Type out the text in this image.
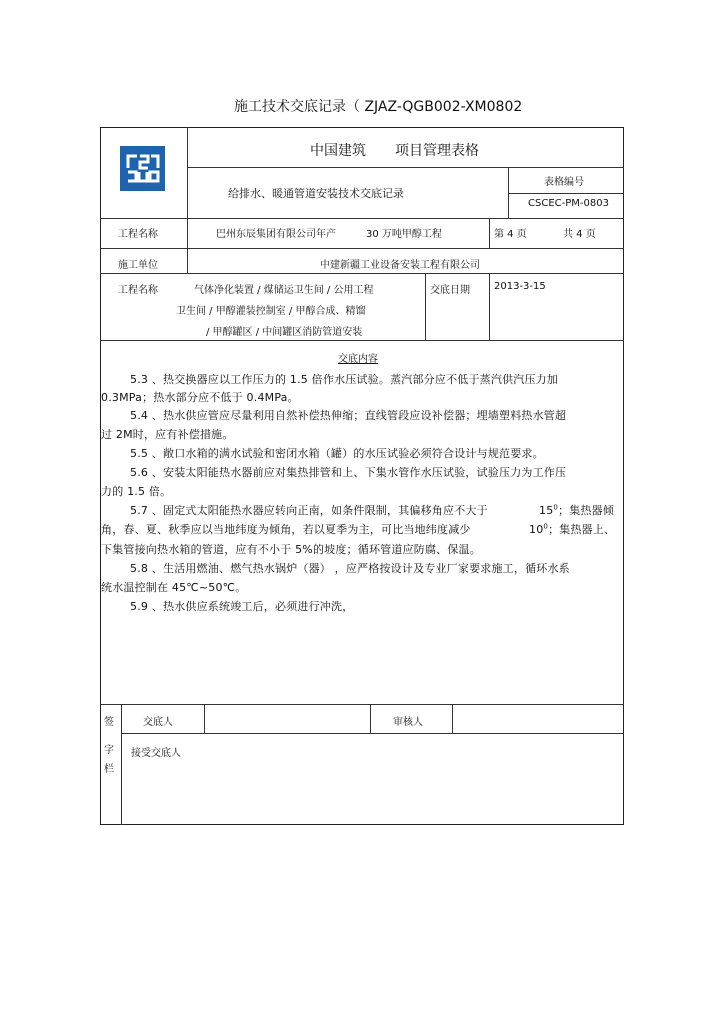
施工技术交底记录（ ZJAZ-QGB002-XM0802
中国建筑 项目管理表格
给排水、暖通管道安装技术交底记录
表格编号
CSCEC-PM-0803
工程名称	巴州东辰集团有限公司年产	30 万吨甲醇工程	第 4 页	共 4 页
施工单位	中建新疆工业设备安装工程有限公司
工程名称	气体净化装置 / 煤储运卫生间 / 公用工程
卫生间 / 甲醇灌装控制室 / 甲醇合成、精馏
/ 甲醇罐区 / 中间罐区消防管道安装
交底日期 2013-3-15
交底内容
5.3 、热交换器应以工作压力的 1.5 倍作水压试验。蒸汽部分应不低于蒸汽供汽压力加
0.3MPa；热水部分应不低于 0.4MPa。
5.4 、热水供应管应尽量利用自然补偿热伸缩；直线管段应设补偿器；埋墙塑料热水管超
过 2M时，应有补偿措施。
5.5 、敞口水箱的满水试验和密闭水箱（罐）的水压试验必须符合设计与规范要求。
5.6 、安装太阳能热水器前应对集热排管和上、下集水管作水压试验，试验压力为工作压
力的 1.5 倍。
5.7 、固定式太阳能热水器应转向正南，如条件限制，其偏移角应不大于	$15^0$；集热器倾
角，春、夏、秋季应以当地纬度为倾角，若以夏季为主，可比当地纬度减少	$10^0$；集热器上、
下集管接向热水箱的管道，应有不小于 5%的坡度；循环管道应防腐、保温。
5.8 、生活用燃油、燃气热水锅炉（器） ，应严格按设计及专业厂家要求施工，循环水系
统水温控制在 45℃~50℃。
5.9 、热水供应系统竣工后，必须进行冲洗，
签
字
栏
交底人	审核人
接受交底人
